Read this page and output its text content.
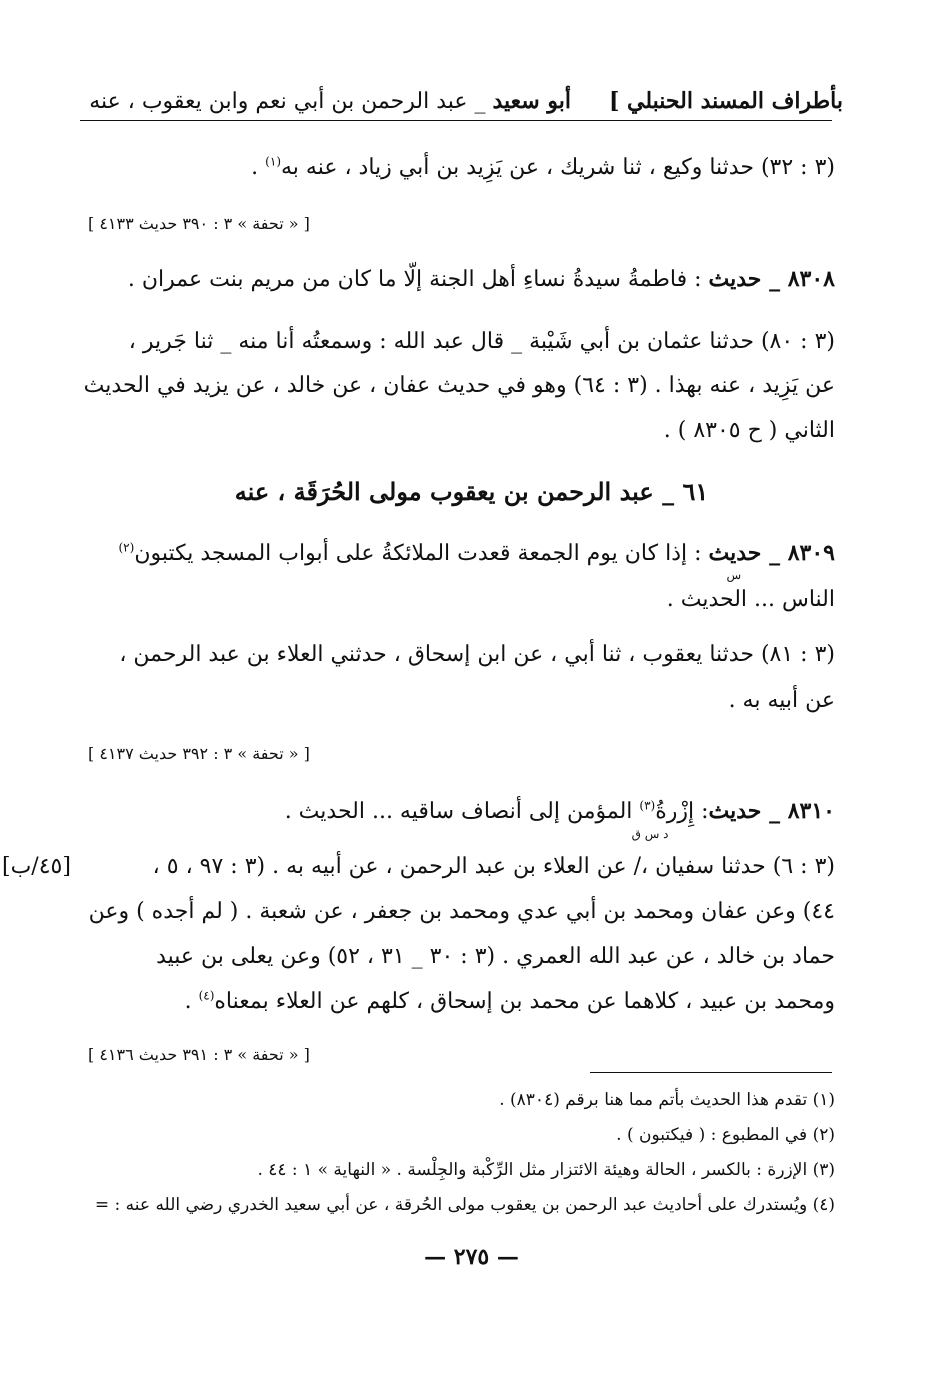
بأطراف المسند الحنبلي ]
أبو سعيد _ عبد الرحمن بن أبي نعم وابن يعقوب ، عنه
(٣ : ٣٢) حدثنا وكيع ، ثنا شريك ، عن يَزِيد بن أبي زياد ، عنه به$^{(١)}$ .
[ « تحفة » ٣ : ٣٩٠ حديث ٤١٣٣ ]
٨٣٠٨ _ حديث : فاطمةُ سيدةُ نساءِ أهل الجنة إلّا ما كان من مريم بنت عمران .
(٣ : ٨٠) حدثنا عثمان بن أبي شَيْبة _ قال عبد الله : وسمعتُه أنا منه _ ثنا جَرير ،
عن يَزِيد ، عنه بهذا . (٣ : ٦٤) وهو في حديث عفان ، عن خالد ، عن يزيد في الحديث
الثاني ( ح ٨٣٠٥ ) .
٦١ _ عبد الرحمن بن يعقوب مولى الحُرَقَة ، عنه
٨٣٠٩ _ حديث
س
: إذا كان يوم الجمعة قعدت الملائكةُ على أبواب المسجد يكتبون$^{(٢)}$
الناس ... الحديث .
(٣ : ٨١) حدثنا يعقوب ، ثنا أبي ، عن ابن إسحاق ، حدثني العلاء بن عبد الرحمن ،
عن أبيه به .
[ « تحفة » ٣ : ٣٩٢ حديث ٤١٣٧ ]
٨٣١٠ _ حديث: إِزْرةُ
د س ق
$^{(٣)}$ المؤمن إلى أنصاف ساقيه ... الحديث .
[٤٥/ب]	(٣ : ٦) حدثنا سفيان ،/ عن العلاء بن عبد الرحمن ، عن أبيه به . (٣ : ٩٧ ، ٥ ،
٤٤) وعن عفان ومحمد بن أبي عدي ومحمد بن جعفر ، عن شعبة . ( لم أجده ) وعن
حماد بن خالد ، عن عبد الله العمري . (٣ : ٣٠ _ ٣١ ، ٥٢) وعن يعلى بن عبيد
ومحمد بن عبيد ، كلاهما عن محمد بن إسحاق ، كلهم عن العلاء بمعناه$^{(٤)}$ .
[ « تحفة » ٣ : ٣٩١ حديث ٤١٣٦ ]
(١) تقدم هذا الحديث بأتم مما هنا برقم (٨٣٠٤) .
(٢) في المطبوع : ( فيكتبون ) .
(٣) الإزرة : بالكسر ، الحالة وهيئة الائتزار مثل الرِّكْبة والجِلْسة . « النهاية » ١ : ٤٤ .
(٤) ويُستدرك على أحاديث عبد الرحمن بن يعقوب مولى الحُرقة ، عن أبي سعيد الخدري رضي الله عنه : =
— ٢٧٥ —
